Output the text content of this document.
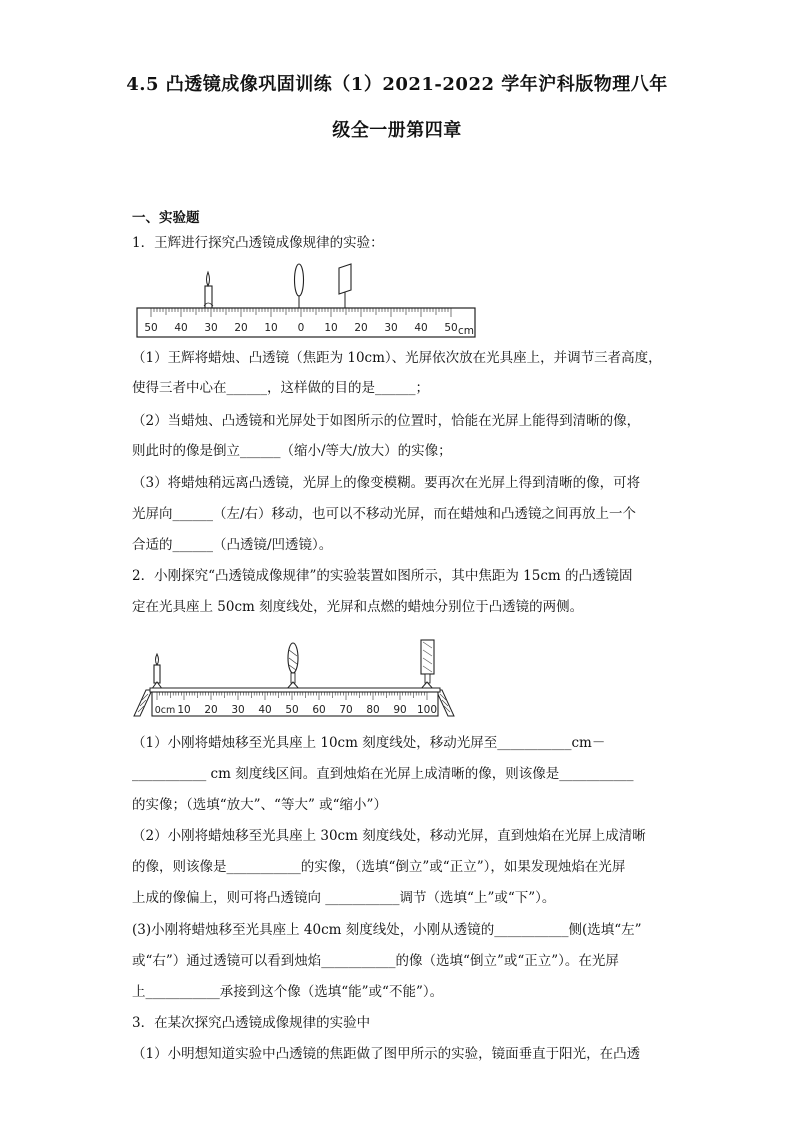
4.5 凸透镜成像巩固训练（1）2021-2022 学年沪科版物理八年
级全一册第四章
一、实验题
1．王辉进行探究凸透镜成像规律的实验：
50 40 30 20 10 0 10 20 30 40 50 cm
（1）王辉将蜡烛、凸透镜（焦距为 10cm）、光屏依次放在光具座上，并调节三者高度，
使得三者中心在______，这样做的目的是______；
（2）当蜡烛、凸透镜和光屏处于如图所示的位置时，恰能在光屏上能得到清晰的像，
则此时的像是倒立______（缩小/等大/放大）的实像；
（3）将蜡烛稍远离凸透镜，光屏上的像变模糊。要再次在光屏上得到清晰的像，可将
光屏向______（左/右）移动，也可以不移动光屏，而在蜡烛和凸透镜之间再放上一个
合适的______（凸透镜/凹透镜）。
2．小刚探究“凸透镜成像规律”的实验装置如图所示，其中焦距为 15cm 的凸透镜固
定在光具座上 50cm 刻度线处，光屏和点燃的蜡烛分别位于凸透镜的两侧。
0cm 10 20 30 40 50 60 70 80 90 100
（1）小刚将蜡烛移至光具座上 10cm 刻度线处，移动光屏至___________cm－
___________ cm 刻度线区间。直到烛焰在光屏上成清晰的像，则该像是___________
的实像；（选填“放大”、“等大” 或“缩小”）
（2）小刚将蜡烛移至光具座上 30cm 刻度线处，移动光屏，直到烛焰在光屏上成清晰
的像，则该像是___________的实像，（选填“倒立”或“正立”），如果发现烛焰在光屏
上成的像偏上，则可将凸透镜向 ___________调节（选填“上”或“下”）。
(3)小刚将蜡烛移至光具座上 40cm 刻度线处，小刚从透镜的___________侧(选填“左”
或“右”）通过透镜可以看到烛焰___________的像（选填“倒立”或“正立”）。在光屏
上___________承接到这个像（选填“能”或“不能”）。
3．在某次探究凸透镜成像规律的实验中
（1）小明想知道实验中凸透镜的焦距做了图甲所示的实验，镜面垂直于阳光，在凸透
